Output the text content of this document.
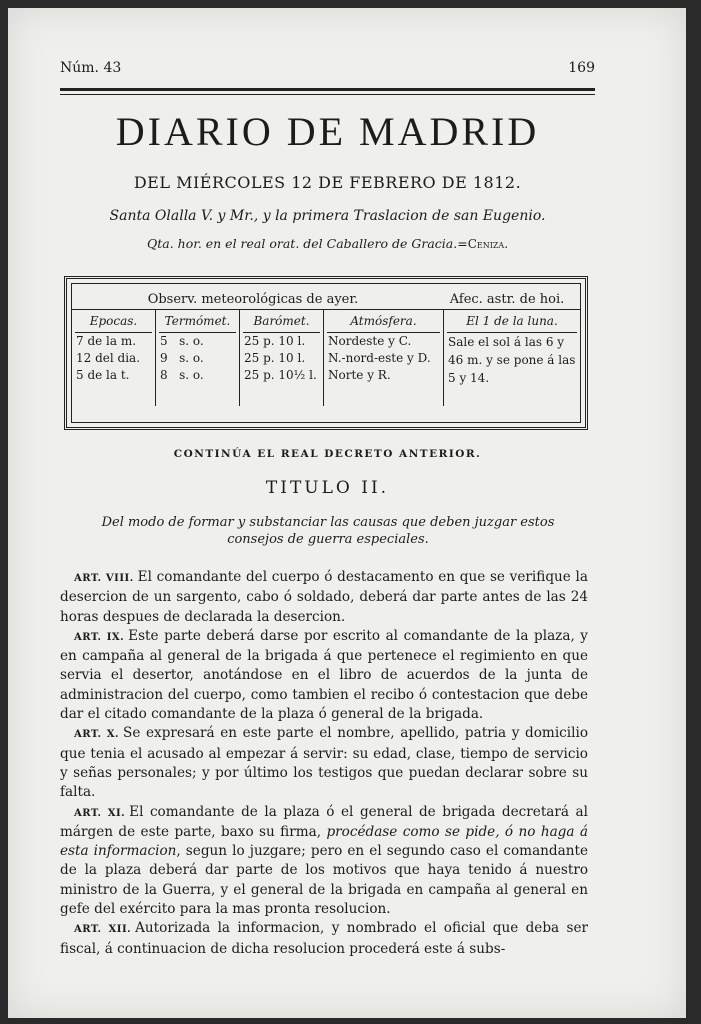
Núm. 43	169
DIARIO DE MADRID
DEL MIÉRCOLES 12 DE FEBRERO DE 1812.
Santa Olalla V. y Mr., y la primera Traslacion de san Eugenio.
Qta. hor. en el real orat. del Caballero de Gracia.=Ceniza.
Observ. meteorológicas de ayer.	Afec. astr. de hoi.
Epocas.
7 de la m.
12 del dia.
5 de la t.
Termómet.
5   s. o.
9   s. o.
8   s. o.
Barómet.
25 p. 10 l.
25 p. 10 l.
25 p. 10½ l.
Atmósfera.
Nordeste y C.
N.-nord-este y D.
Norte y R.
El 1 de la luna.
Sale el sol á las 6 y 46 m. y se pone á las 5 y 14.
CONTINÚA EL REAL DECRETO ANTERIOR.
TITULO II.
Del modo de formar y substanciar las causas que deben juzgar estos consejos de guerra especiales.

ART. VIII. El comandante del cuerpo ó destacamento en que se verifique la desercion de un sargento, cabo ó soldado, deberá dar parte antes de las 24 horas despues de declarada la desercion.

ART. IX. Este parte deberá darse por escrito al comandante de la plaza, y en campaña al general de la brigada á que pertenece el regimiento en que servia el desertor, anotándose en el libro de acuerdos de la junta de administracion del cuerpo, como tambien el recibo ó contestacion que debe dar el citado comandante de la plaza ó general de la brigada.

ART. X. Se expresará en este parte el nombre, apellido, patria y domicilio que tenia el acusado al empezar á servir: su edad, clase, tiempo de servicio y señas personales; y por último los testigos que puedan declarar sobre su falta.

ART. XI. El comandante de la plaza ó el general de brigada decretará al márgen de este parte, baxo su firma, procédase como se pide, ó no haga á esta informacion, segun lo juzgare; pero en el segundo caso el comandante de la plaza deberá dar parte de los motivos que haya tenido á nuestro ministro de la Guerra, y el general de la brigada en campaña al general en gefe del exército para la mas pronta resolucion.

ART. XII. Autorizada la informacion, y nombrado el oficial que deba ser fiscal, á continuacion de dicha resolucion procederá este á subs-
